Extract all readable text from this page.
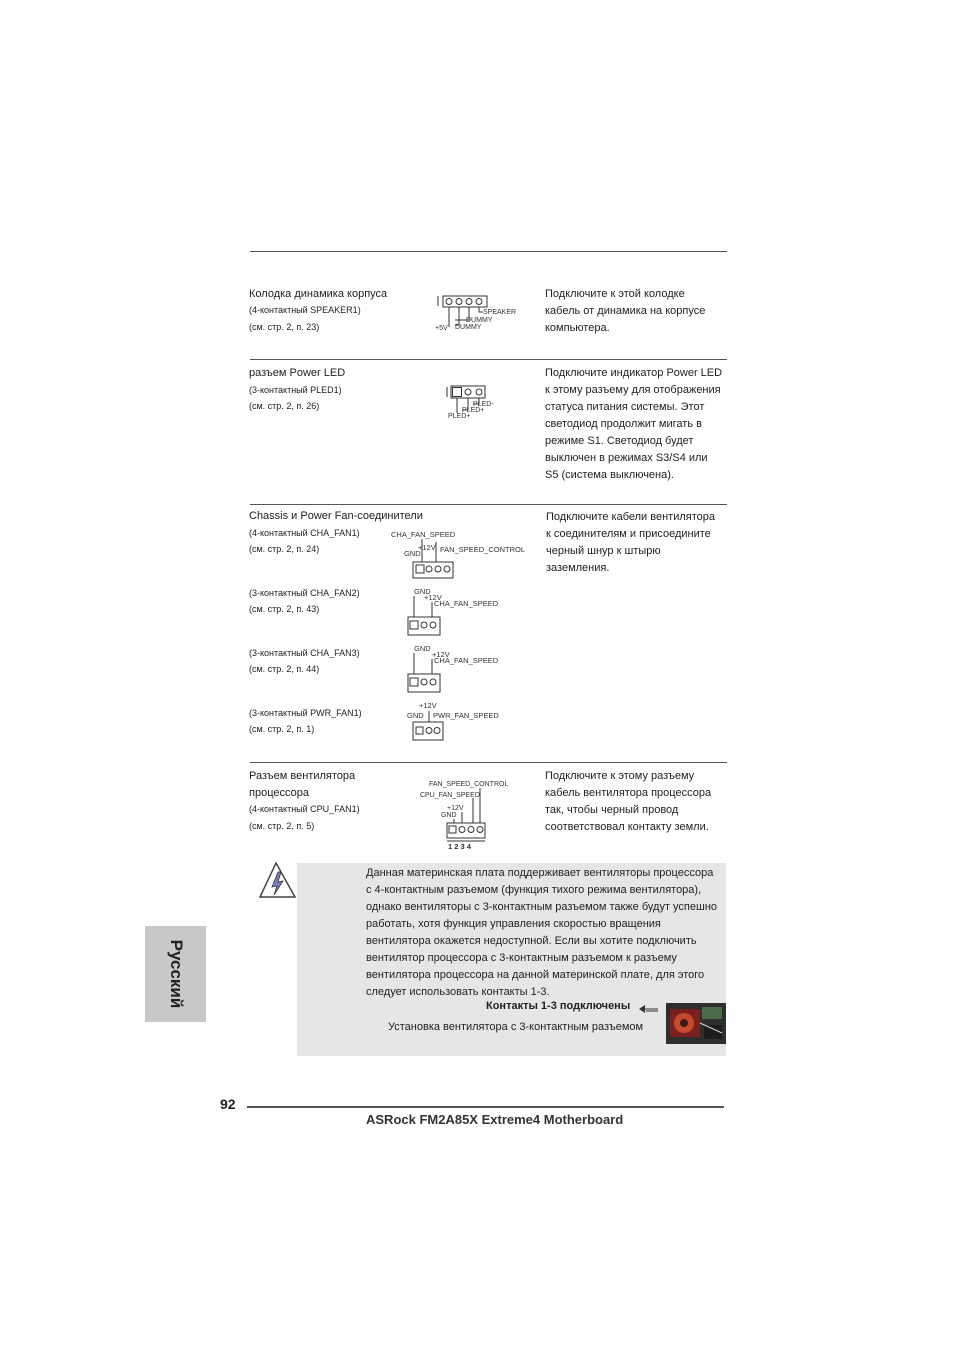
Колодка динамика корпуса
(4-контактный SPEAKER1)
(см. стр. 2, п. 23)
SPEAKER
DUMMY
+5V DUMMY
Подключите к этой колодке
кабель от динамика на корпусе
компьютера.
разъем Power LED
(3-контактный PLED1)
(см. стр. 2, п. 26)	PLED-
PLED+
PLED+
Подключите индикатор Power LED
к этому разъему для отображения
статуса питания системы. Этот
светодиод продолжит мигать в
режиме S1. Светодиод будет
выключен в режимах S3/S4 или
S5 (система выключена).
Chassis и Power Fan-соединители
(4-контактный CHA_FAN1)
(см. стр. 2, п. 24)
CHA_FAN_SPEED
+12V
GND	FAN_SPEED_CONTROL
(3-контактный CHA_FAN2)
(см. стр. 2, п. 43)
GND
+12V
CHA_FAN_SPEED
(3-контактный CHA_FAN3)
(см. стр. 2, п. 44)
GND
+12V
CHA_FAN_SPEED
(3-контактный PWR_FAN1)
(см. стр. 2, п. 1)
+12V
GND PWR_FAN_SPEED
Подключите кабели вентилятора
к соединителям и присоедините
черный шнур к штырю
заземления.
Разъем вентилятора
процессора
(4-контактный CPU_FAN1)
(см. стр. 2, п. 5)
FAN_SPEED_CONTROL
CPU_FAN_SPEED
+12V
GND
1 2 3 4
Подключите к этому разъему
кабель вентилятора процессора
так, чтобы черный провод
соответствовал контакту земли.
Данная материнская плата поддерживает вентиляторы процессора
с 4-контактным разъемом (функция тихого режима вентилятора),
однако вентиляторы с 3-контактным разъемом также будут успешно
работать, хотя функция управления скоростью вращения
вентилятора окажется недоступной. Если вы хотите подключить
вентилятор процессора с 3-контактным разъемом к разъему
вентилятора процессора на данной материнской плате, для этого
следует использовать контакты 1-3.
Контакты 1-3 подключены
Установка вентилятора с 3-контактным разъемом
Русский
92
ASRock FM2A85X Extreme4 Motherboard
